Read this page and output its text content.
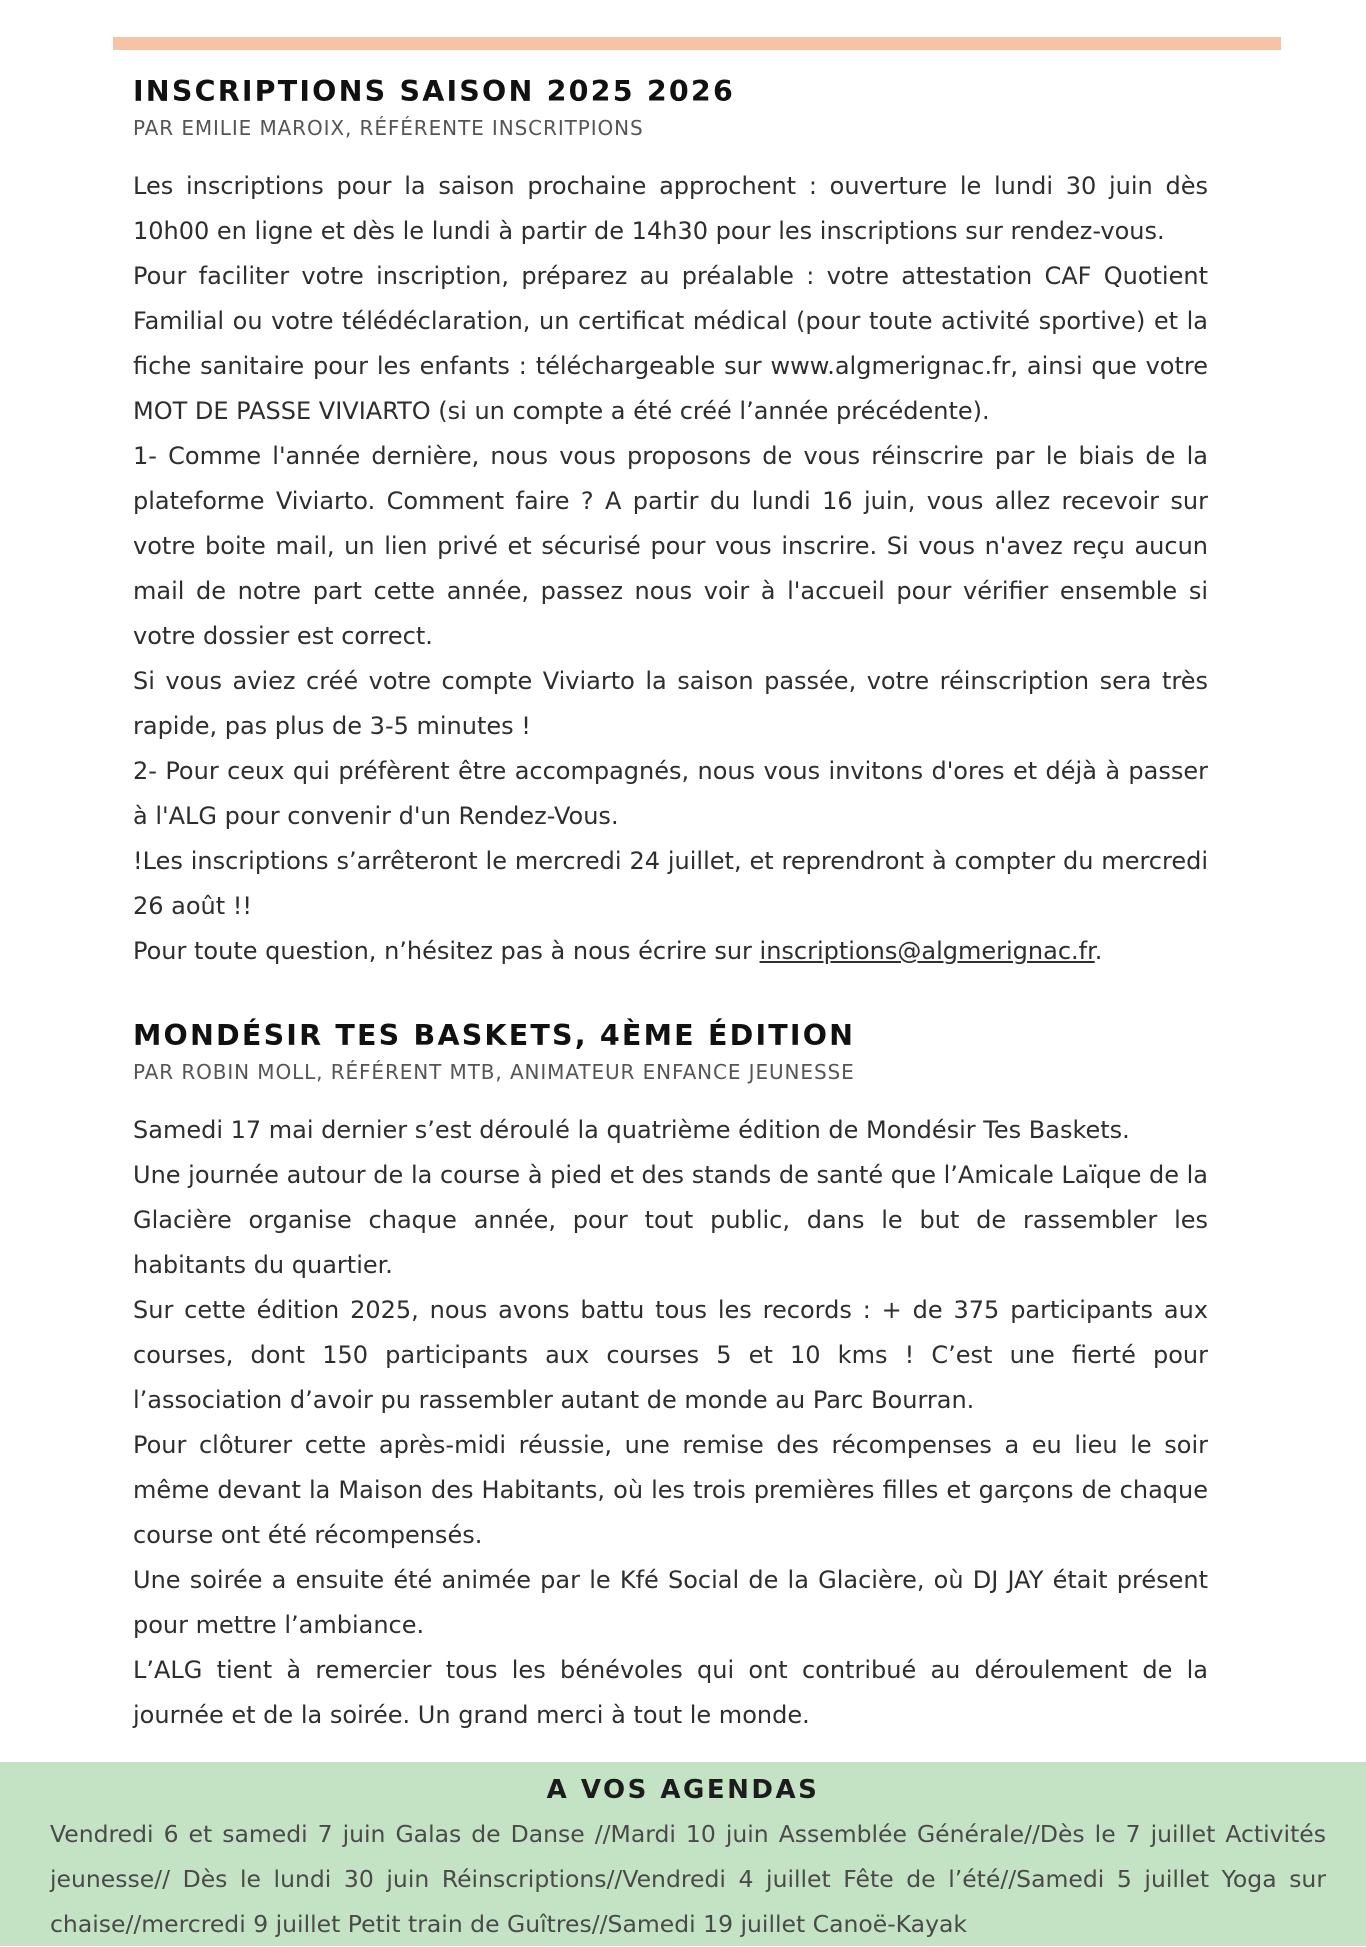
INSCRIPTIONS SAISON 2025 2026

PAR EMILIE MAROIX, RÉFÉRENTE INSCRITPIONS

Les inscriptions pour la saison prochaine approchent : ouverture le lundi 30 juin dès 10h00 en ligne et dès le lundi à partir de 14h30 pour les inscriptions sur rendez-vous.

Pour faciliter votre inscription, préparez au préalable : votre attestation CAF Quotient Familial ou votre télédéclaration, un certificat médical (pour toute activité sportive) et la fiche sanitaire pour les enfants : téléchargeable sur www.algmerignac.fr, ainsi que votre MOT DE PASSE VIVIARTO (si un compte a été créé l’année précédente).

1- Comme l'année dernière, nous vous proposons de vous réinscrire par le biais de la plateforme Viviarto. Comment faire ? A partir du lundi 16 juin, vous allez recevoir sur votre boite mail, un lien privé et sécurisé pour vous inscrire. Si vous n'avez reçu aucun mail de notre part cette année, passez nous voir à l'accueil pour vérifier ensemble si votre dossier est correct.

Si vous aviez créé votre compte Viviarto la saison passée, votre réinscription sera très rapide, pas plus de 3-5 minutes !

2- Pour ceux qui préfèrent être accompagnés, nous vous invitons d'ores et déjà à passer à l'ALG pour convenir d'un Rendez-Vous.

!Les inscriptions s’arrêteront le mercredi 24 juillet, et reprendront à compter du mercredi 26 août !!

Pour toute question, n’hésitez pas à nous écrire sur inscriptions@algmerignac.fr.

MONDÉSIR TES BASKETS, 4ÈME ÉDITION

PAR ROBIN MOLL, RÉFÉRENT MTB, ANIMATEUR ENFANCE JEUNESSE

Samedi 17 mai dernier s’est déroulé la quatrième édition de Mondésir Tes Baskets.

Une journée autour de la course à pied et des stands de santé que l’Amicale Laïque de la Glacière organise chaque année, pour tout public, dans le but de rassembler les habitants du quartier.

Sur cette édition 2025, nous avons battu tous les records : + de 375 participants aux courses, dont 150 participants aux courses 5 et 10 kms ! C’est une fierté pour l’association d’avoir pu rassembler autant de monde au Parc Bourran.

Pour clôturer cette après-midi réussie, une remise des récompenses a eu lieu le soir même devant la Maison des Habitants, où les trois premières filles et garçons de chaque course ont été récompensés.

Une soirée a ensuite été animée par le Kfé Social de la Glacière, où DJ JAY était présent pour mettre l’ambiance.

L’ALG tient à remercier tous les bénévoles qui ont contribué au déroulement de la journée et de la soirée. Un grand merci à tout le monde.

A VOS AGENDAS

Vendredi 6 et samedi 7 juin Galas de Danse //Mardi 10 juin Assemblée Générale//Dès le 7 juillet Activités jeunesse// Dès le lundi 30 juin Réinscriptions//Vendredi 4 juillet Fête de l’été//Samedi 5 juillet Yoga sur chaise//mercredi 9 juillet Petit train de Guîtres//Samedi 19 juillet Canoë-Kayak
